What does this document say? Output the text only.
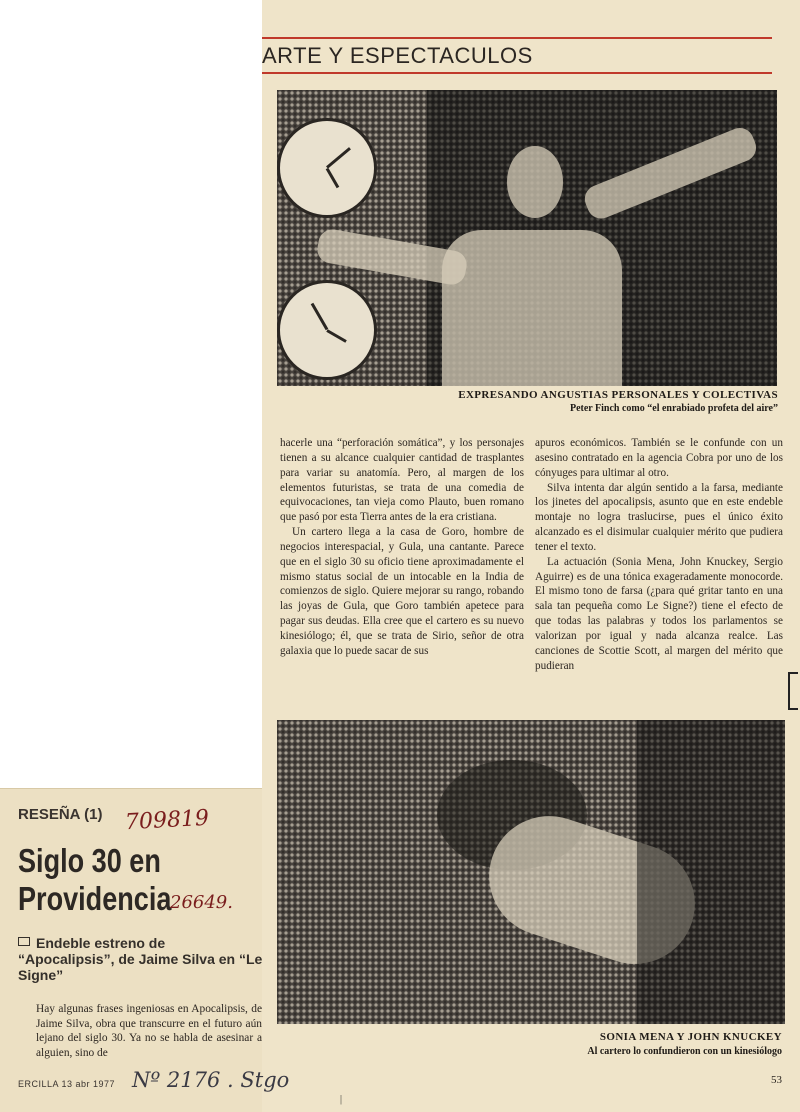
ARTE Y ESPECTACULOS
EXPRESANDO ANGUSTIAS PERSONALES Y COLECTIVAS
Peter Finch como “el enrabiado profeta del aire”

hacerle una “perforación somática”, y los personajes tienen a su alcance cualquier cantidad de trasplantes para variar su anatomía. Pero, al margen de los elementos futuristas, se trata de una comedia de equivocaciones, tan vieja como Plauto, buen romano que pasó por esta Tierra antes de la era cristiana.

Un cartero llega a la casa de Goro, hombre de negocios interespacial, y Gula, una cantante. Parece que en el siglo 30 su oficio tiene aproximadamente el mismo status social de un intocable en la India de comienzos de siglo. Quiere mejorar su rango, robando las joyas de Gula, que Goro también apetece para pagar sus deudas. Ella cree que el cartero es su nuevo kinesiólogo; él, que se trata de Sirio, señor de otra galaxia que lo puede sacar de sus

apuros económicos. También se le confunde con un asesino contratado en la agencia Cobra por uno de los cónyuges para ultimar al otro.

Silva intenta dar algún sentido a la farsa, mediante los jinetes del apocalipsis, asunto que en este endeble montaje no logra traslucirse, pues el único éxito alcanzado es el disimular cualquier mérito que pudiera tener el texto.

La actuación (Sonia Mena, John Knuckey, Sergio Aguirre) es de una tónica exageradamente monocorde. El mismo tono de farsa (¿para qué gritar tanto en una sala tan pequeña como Le Signe?) tiene el efecto de que todas las palabras y todos los parlamentos se valorizan por igual y nada alcanza realce. Las canciones de Scottie Scott, al margen del mérito que pudieran

SONIA MENA Y JOHN KNUCKEY
Al cartero lo confundieron con un kinesiólogo
53
RESEÑA (1) 709819
Siglo 30 en
Providencia
26649.
Endeble estreno de “Apocalipsis”, de Jaime Silva en “Le Signe”
Hay algunas frases ingeniosas en Apocalipsis, de Jaime Silva, obra que transcurre en el futuro aún lejano del siglo 30. Ya no se habla de asesinar a alguien, sino de
ERCILLA 13 abr 1977 Nº 2176 . Stgo
|
